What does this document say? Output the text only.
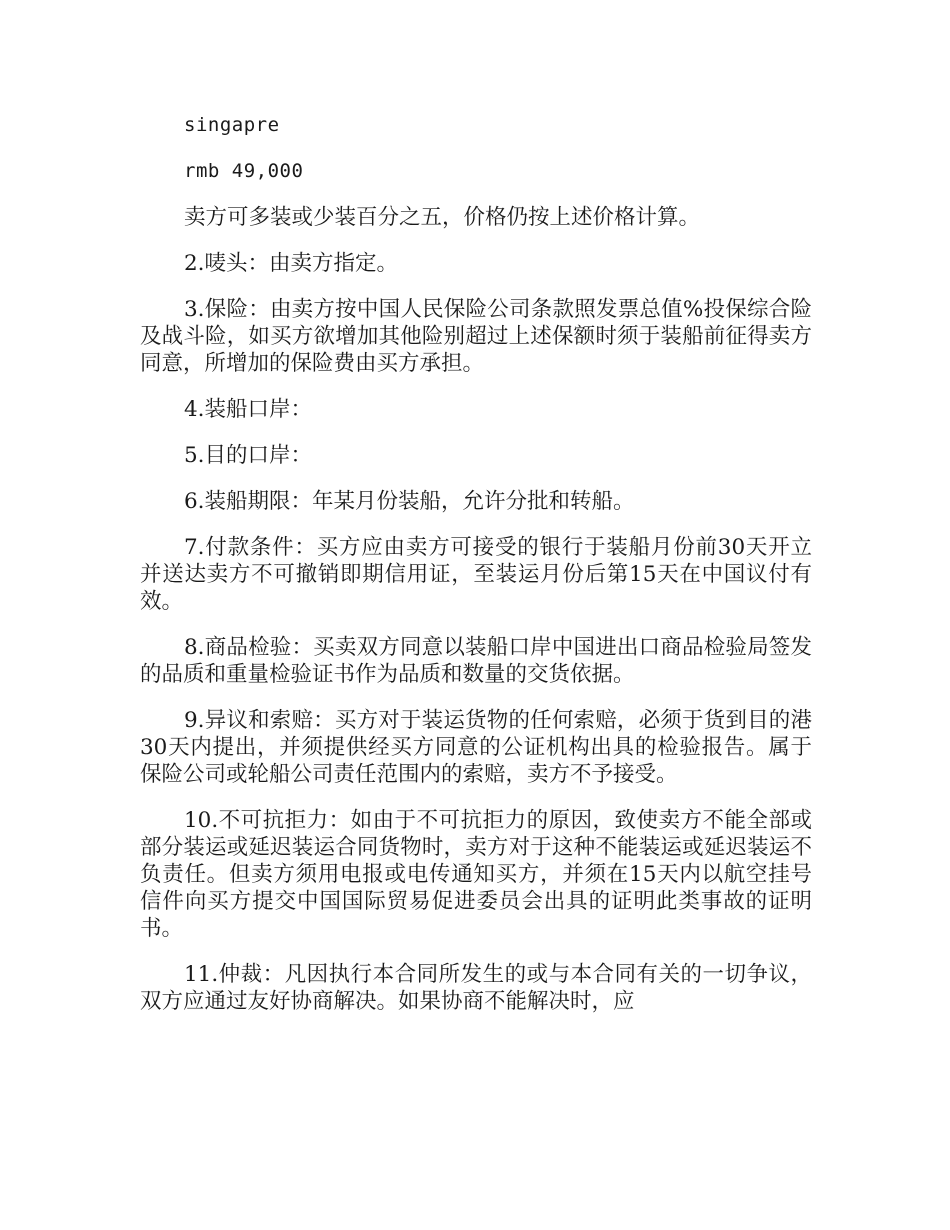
singapre

rmb 49,000

卖方可多装或少装百分之五，价格仍按上述价格计算。

2.唛头：由卖方指定。

3.保险：由卖方按中国人民保险公司条款照发票总值%投保综合险及战斗险，如买方欲增加其他险别超过上述保额时须于装船前征得卖方同意，所增加的保险费由买方承担。

4.装船口岸：

5.目的口岸：

6.装船期限：年某月份装船，允许分批和转船。

7.付款条件：买方应由卖方可接受的银行于装船月份前30天开立并送达卖方不可撤销即期信用证，至装运月份后第15天在中国议付有效。

8.商品检验：买卖双方同意以装船口岸中国进出口商品检验局签发的品质和重量检验证书作为品质和数量的交货依据。

9.异议和索赔：买方对于装运货物的任何索赔，必须于货到目的港30天内提出，并须提供经买方同意的公证机构出具的检验报告。属于保险公司或轮船公司责任范围内的索赔，卖方不予接受。

10.不可抗拒力：如由于不可抗拒力的原因，致使卖方不能全部或部分装运或延迟装运合同货物时，卖方对于这种不能装运或延迟装运不负责任。但卖方须用电报或电传通知买方，并须在15天内以航空挂号信件向买方提交中国国际贸易促进委员会出具的证明此类事故的证明书。

11.仲裁：凡因执行本合同所发生的或与本合同有关的一切争议，双方应通过友好协商解决。如果协商不能解决时，应
